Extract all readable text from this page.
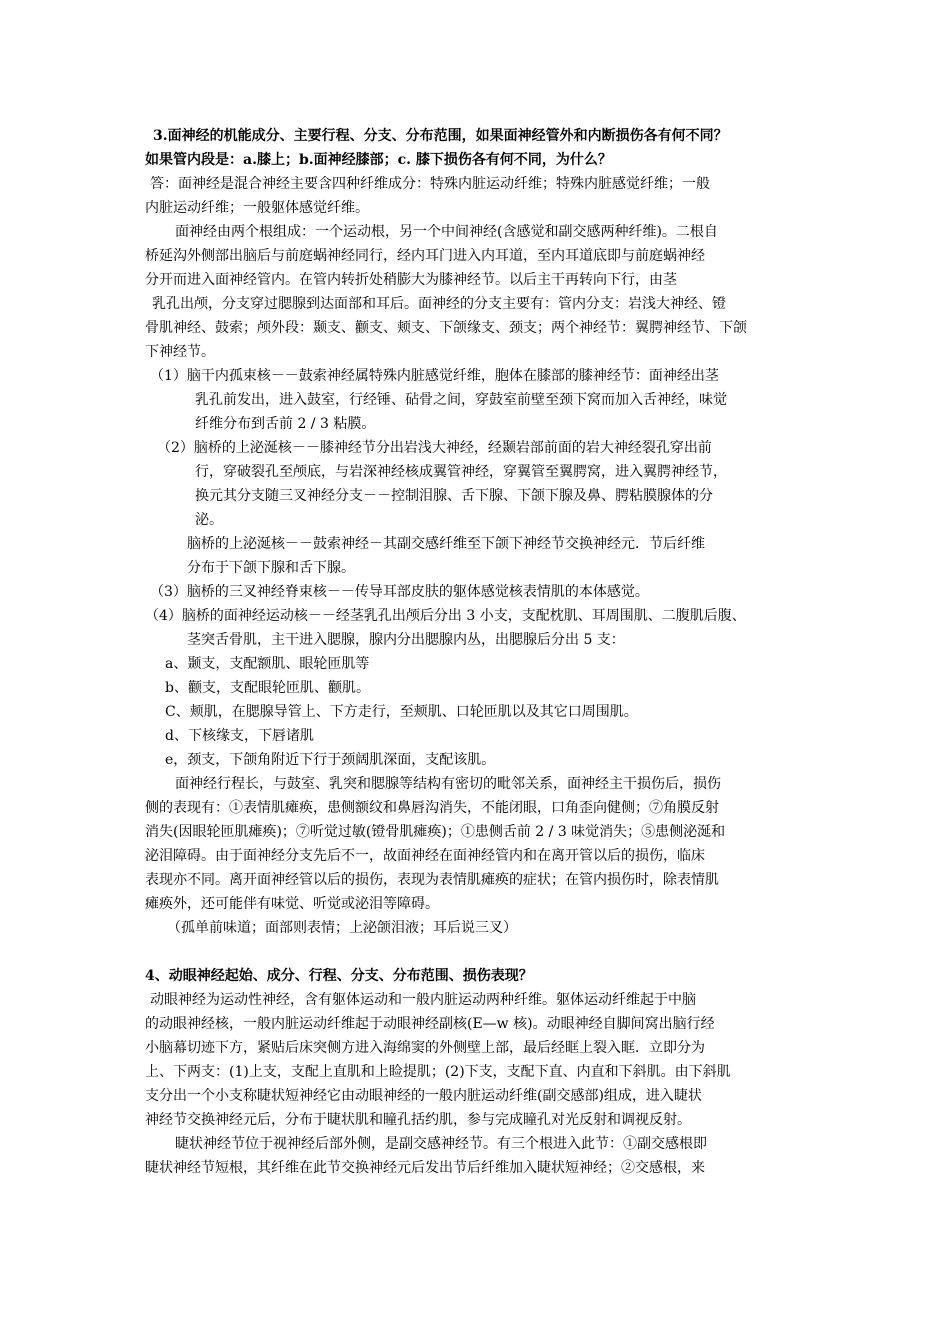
3.面神经的机能成分、主要行程、分支、分布范围，如果面神经管外和内断损伤各有何不同？
如果管内段是：a.膝上；b.面神经膝部；c. 膝下损伤各有何不同，为什么？
答：面神经是混合神经主要含四种纤维成分：特殊内脏运动纤维；特殊内脏感觉纤维；一般
内脏运动纤维；一般躯体感觉纤维。
面神经由两个根组成：一个运动根，另一个中间神经(含感觉和副交感两种纤维)。二根自
桥延沟外侧部出脑后与前庭蜗神经同行，经内耳门进入内耳道，至内耳道底即与前庭蜗神经
分开而进入面神经管内。在管内转折处稍膨大为膝神经节。以后主干再转向下行，由茎
乳孔出颅，分支穿过腮腺到达面部和耳后。面神经的分支主要有：管内分支：岩浅大神经、镫
骨肌神经、鼓索；颅外段：颞支、颧支、颊支、下颌缘支、颈支；两个神经节：翼腭神经节、下颌
下神经节。
（1）脑干内孤束核－－鼓索神经属特殊内脏感觉纤维，胞体在膝部的膝神经节：面神经出茎
乳孔前发出，进入鼓室，行经锤、砧骨之间，穿鼓室前壁至颈下窝而加入舌神经，味觉
纤维分布到舌前 2 / 3 粘膜。
（2）脑桥的上泌涎核－－膝神经节分出岩浅大神经，经颞岩部前面的岩大神经裂孔穿出前
行，穿破裂孔至颅底，与岩深神经核成翼管神经，穿翼管至翼腭窝，进入翼腭神经节，
换元其分支随三叉神经分支－－控制泪腺、舌下腺、下颌下腺及鼻、腭粘膜腺体的分
泌。
脑桥的上泌涎核－－鼓索神经－其副交感纤维至下颌下神经节交换神经元．节后纤维
分布于下颌下腺和舌下腺。
（3）脑桥的三叉神经脊束核－－传导耳部皮肤的躯体感觉核表情肌的本体感觉。
（4）脑桥的面神经运动核－－经茎乳孔出颅后分出 3 小支，支配枕肌、耳周围肌、二腹肌后腹、
茎突舌骨肌，主干进入腮腺，腺内分出腮腺内丛，出腮腺后分出 5 支：
a、颞支，支配额肌、眼轮匝肌等
b、颧支，支配眼轮匝肌、颧肌。
C、颊肌，在腮腺导管上、下方走行，至颊肌、口轮匝肌以及其它口周围肌。
d、下核缘支，下唇诸肌
e，颈支，下颌角附近下行于颈阔肌深面，支配该肌。
面神经行程长，与鼓室、乳突和腮腺等结构有密切的毗邻关系，面神经主干损伤后，损伤
侧的表现有：①表情肌瘫痪，患侧额纹和鼻唇沟消失，不能闭眼，口角歪向健侧；⑦角膜反射
消失(因眼轮匝肌瘫痪)；⑦听觉过敏(镫骨肌瘫痪)；①患侧舌前 2 / 3 味觉消失；⑤患侧泌涎和
泌泪障碍。由于面神经分支先后不一，故面神经在面神经管内和在离开管以后的损伤，临床
表现亦不同。离开面神经管以后的损伤，表现为表情肌瘫痪的症状；在管内损伤时，除表情肌
瘫痪外，还可能伴有味觉、听觉或泌泪等障碍。
（孤单前味道；面部则表情；上泌颌泪液；耳后说三叉）
4、动眼神经起始、成分、行程、分支、分布范围、损伤表现？
动眼神经为运动性神经，含有躯体运动和一般内脏运动两种纤维。躯体运动纤维起于中脑
的动眼神经核，一般内脏运动纤维起于动眼神经副核(E—w 核)。动眼神经自脚间窝出脑行经
小脑幕切迹下方，紧贴后床突侧方进入海绵窦的外侧壁上部，最后经眶上裂入眶．立即分为
上、下两支：(1)上支，支配上直肌和上睑提肌；(2)下支，支配下直、内直和下斜肌。由下斜肌
支分出一个小支称睫状短神经它由动眼神经的一般内脏运动纤维(副交感部)组成，进入睫状
神经节交换神经元后，分布于睫状肌和瞳孔括约肌，参与完成瞳孔对光反射和调视反射。
睫状神经节位于视神经后部外侧，是副交感神经节。有三个根进入此节：①副交感根即
睫状神经节短根，其纤维在此节交换神经元后发出节后纤维加入睫状短神经；②交感根，来
